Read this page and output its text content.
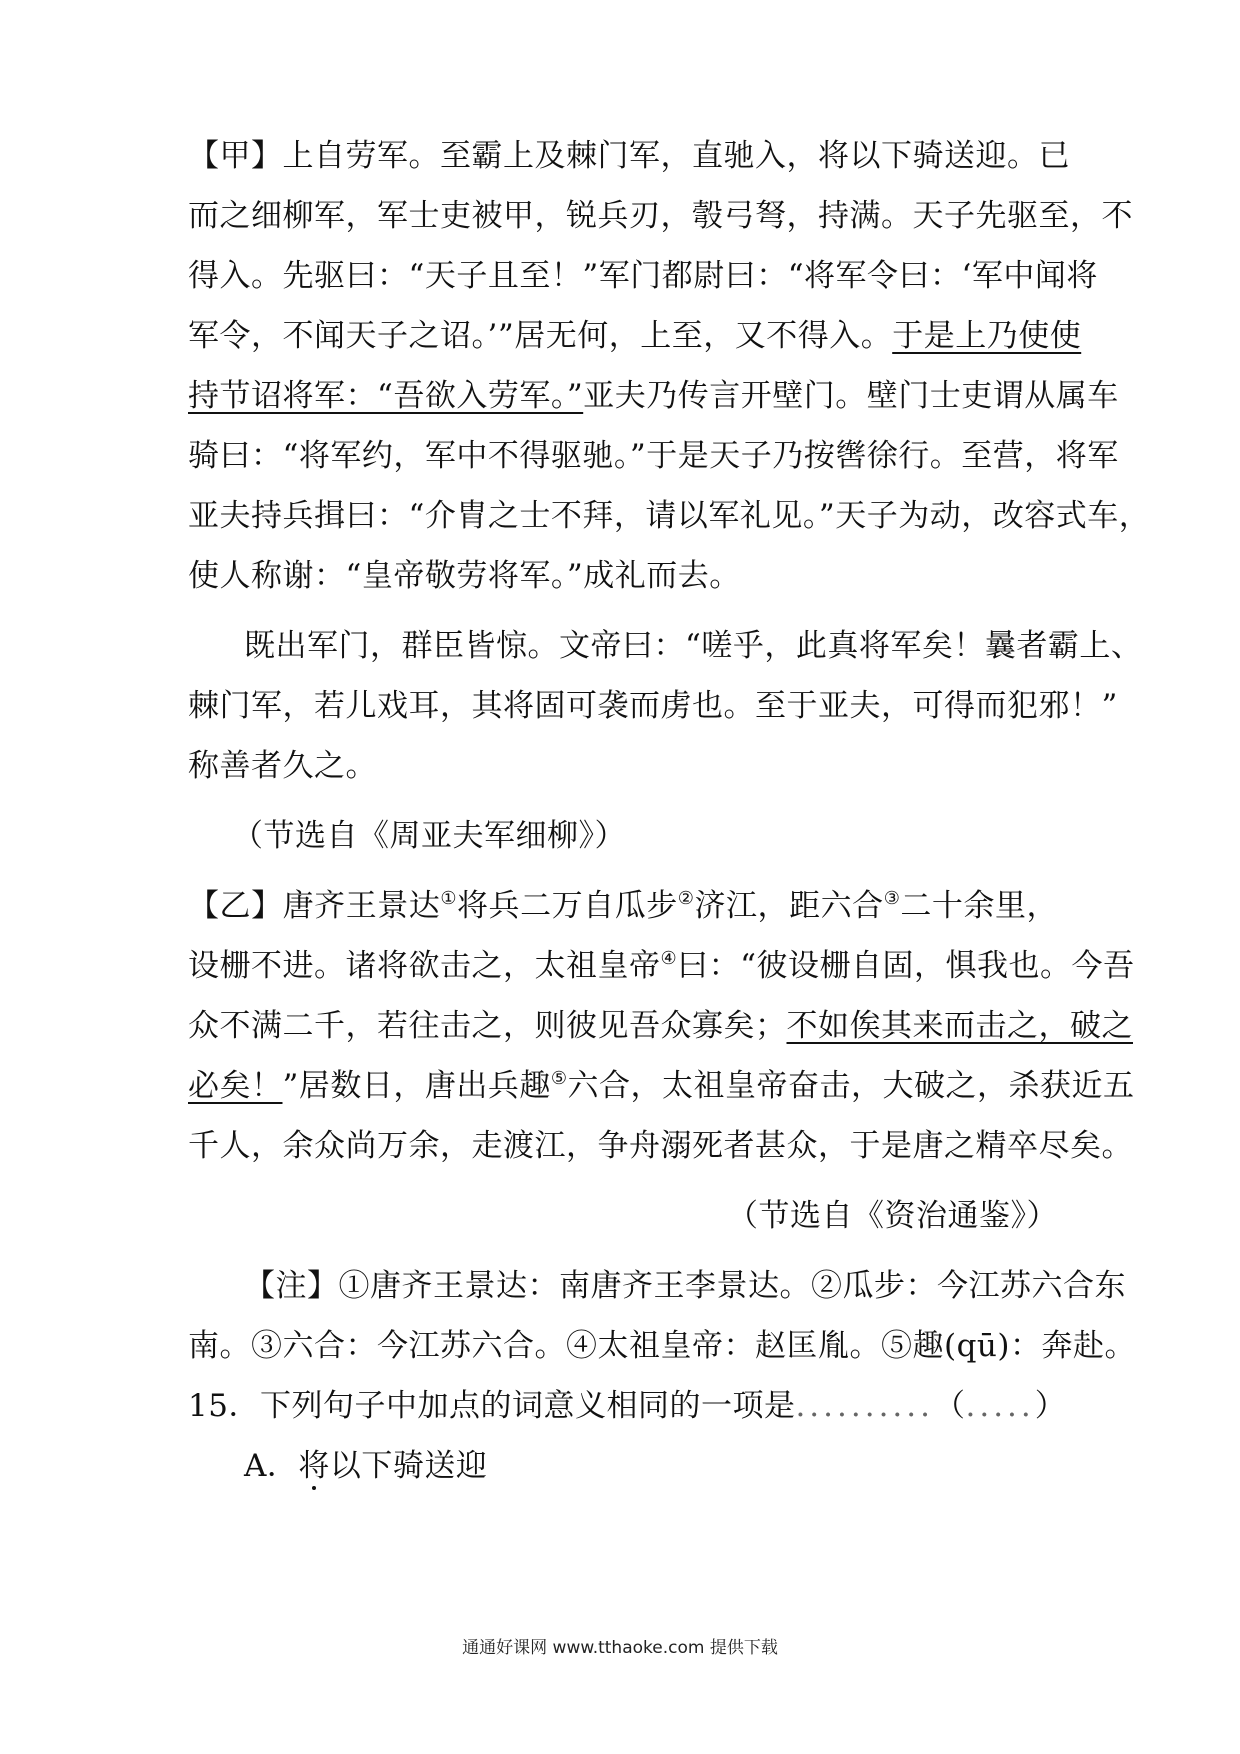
【甲】上自劳军。至霸上及棘门军，直驰入，将以下骑送迎。已
而之细柳军，军士吏被甲，锐兵刃，彀弓弩，持满。天子先驱至，不
得入。先驱曰：“天子且至！”军门都尉曰：“将军令曰：‘军中闻将
军令，不闻天子之诏。’”居无何，上至，又不得入。于是上乃使使
持节诏将军：“吾欲入劳军。”亚夫乃传言开壁门。壁门士吏谓从属车
骑曰：“将军约，军中不得驱驰。”于是天子乃按辔徐行。至营，将军
亚夫持兵揖曰：“介胄之士不拜，请以军礼见。”天子为动，改容式车，
使人称谢：“皇帝敬劳将军。”成礼而去。
既出军门，群臣皆惊。文帝曰：“嗟乎，此真将军矣！曩者霸上、
棘门军，若儿戏耳，其将固可袭而虏也。至于亚夫，可得而犯邪！”
称善者久之。
（节选自《周亚夫军细柳》）
【乙】唐齐王景达①将兵二万自瓜步②济江，距六合③二十余里，
设栅不进。诸将欲击之，太祖皇帝④曰：“彼设栅自固，惧我也。今吾
众不满二千，若往击之，则彼见吾众寡矣；不如俟其来而击之，破之
必矣！”居数日，唐出兵趣⑤六合，太祖皇帝奋击，大破之，杀获近五
千人，余众尚万余，走渡江，争舟溺死者甚众，于是唐之精卒尽矣。
（节选自《资治通鉴》）
【注】①唐齐王景达：南唐齐王李景达。②瓜步：今江苏六合东
南。③六合：今江苏六合。④太祖皇帝：赵匡胤。⑤趣(qū)：奔赴。
15．下列句子中加点的词意义相同的一项是..........（.....）
A．将以下骑送迎
通通好课网 www.tthaoke.com 提供下载
